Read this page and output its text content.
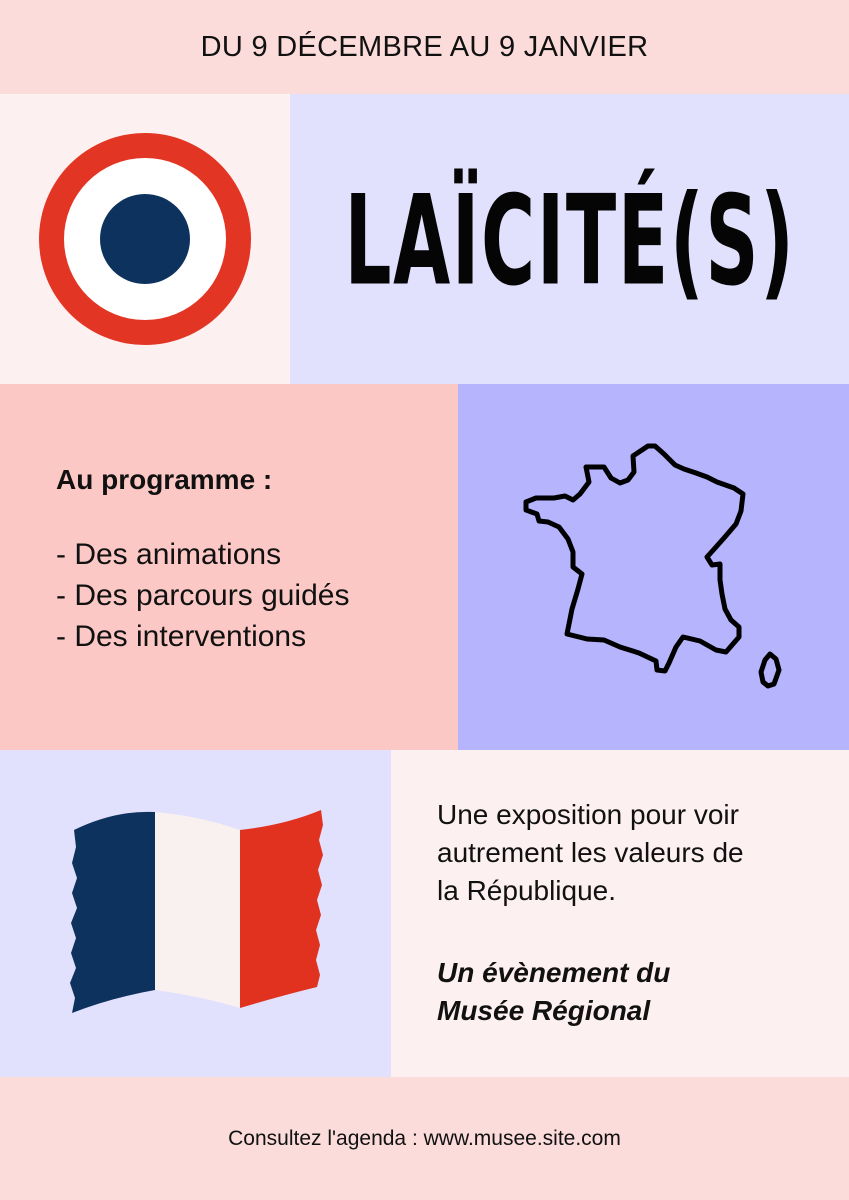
DU 9 DÉCEMBRE AU 9 JANVIER
LAÏCITÉ(S)
Au programme :
- Des animations
- Des parcours guidés
- Des interventions
Une exposition pour voir
autrement les valeurs de
la République.
Un évènement du
Musée Régional
Consultez l'agenda : www.musee.site.com
